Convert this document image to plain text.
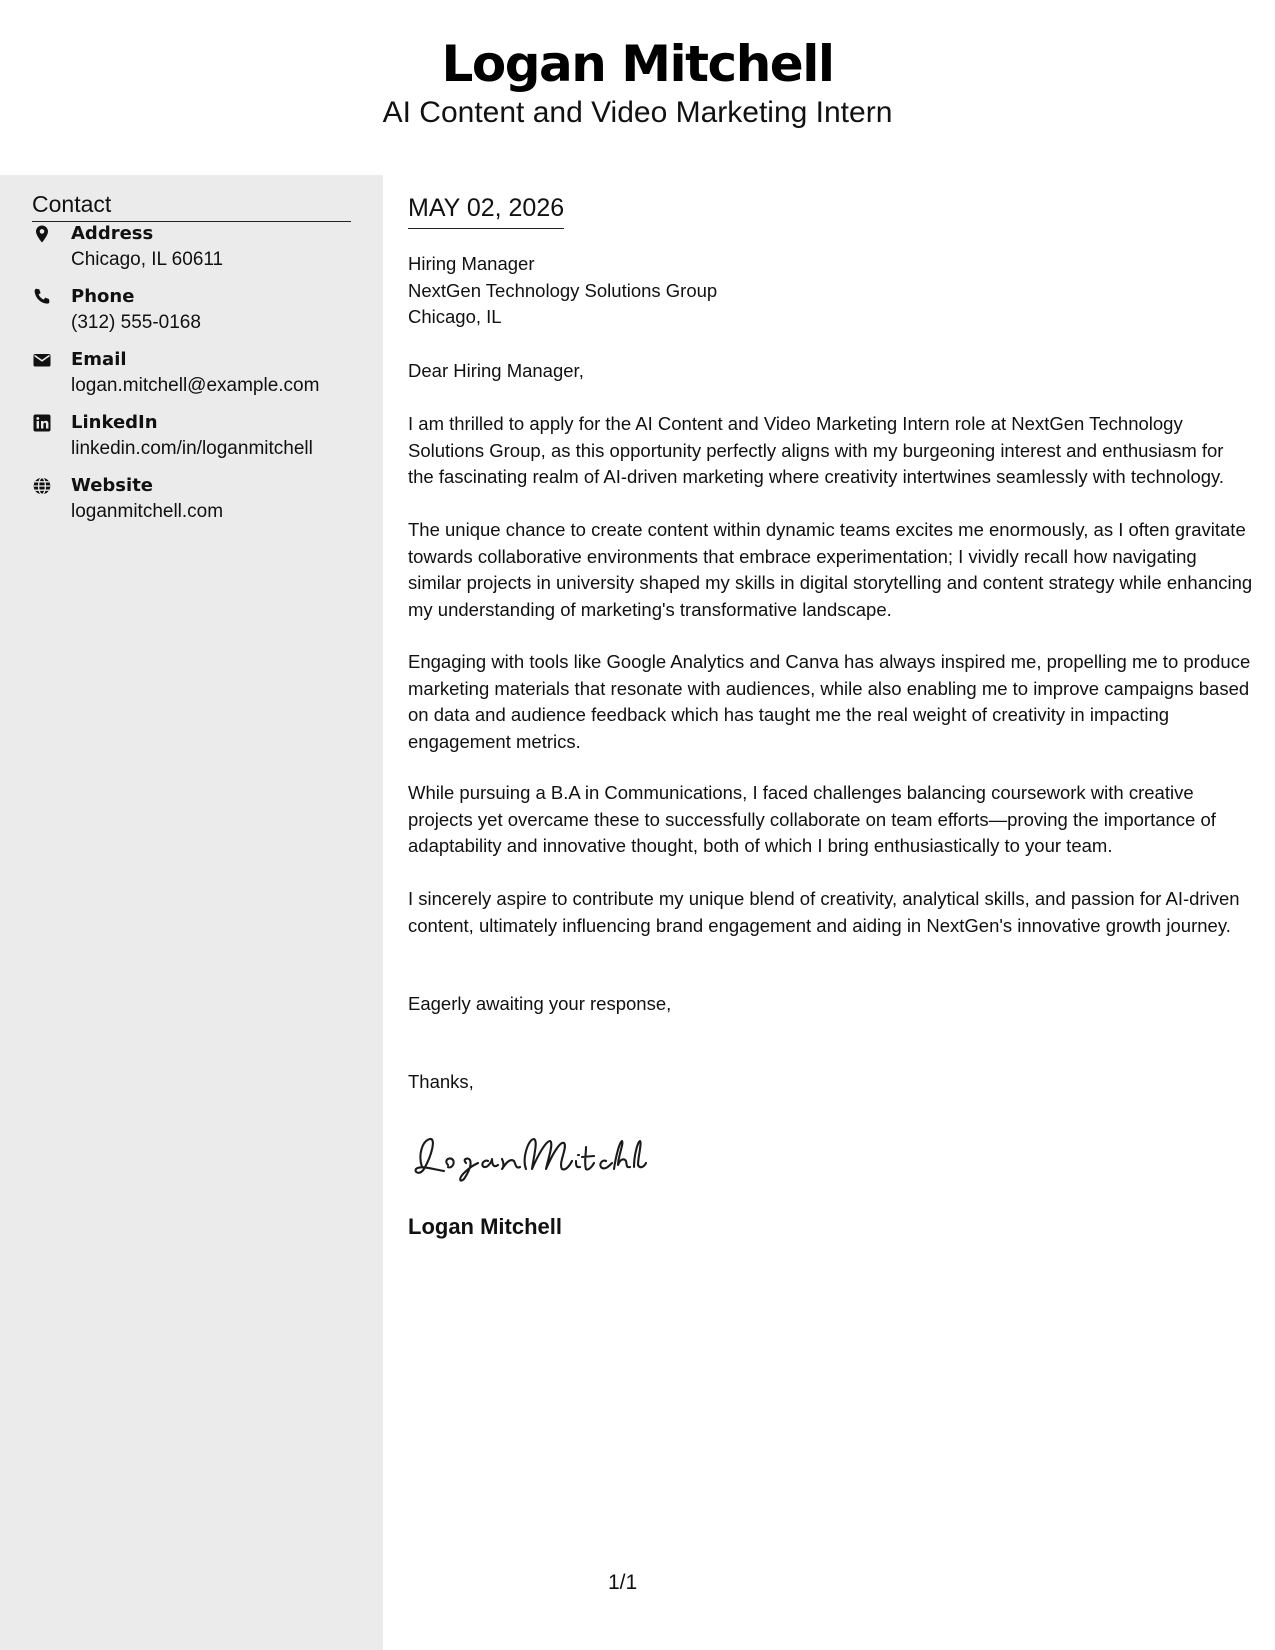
Logan Mitchell
AI Content and Video Marketing Intern
Contact
Address
Chicago, IL 60611
Phone
(312) 555-0168
Email
logan.mitchell@example.com
LinkedIn
linkedin.com/in/loganmitchell
Website
loganmitchell.com
MAY 02, 2026
Hiring Manager
NextGen Technology Solutions Group
Chicago, IL
Dear Hiring Manager,
I am thrilled to apply for the AI Content and Video Marketing Intern role at NextGen Technology Solutions Group, as this opportunity perfectly aligns with my burgeoning interest and enthusiasm for the fascinating realm of AI-driven marketing where creativity intertwines seamlessly with technology.
The unique chance to create content within dynamic teams excites me enormously, as I often gravitate towards collaborative environments that embrace experimentation; I vividly recall how navigating similar projects in university shaped my skills in digital storytelling and content strategy while enhancing my understanding of marketing's transformative landscape.
Engaging with tools like Google Analytics and Canva has always inspired me, propelling me to produce marketing materials that resonate with audiences, while also enabling me to improve campaigns based on data and audience feedback which has taught me the real weight of creativity in impacting engagement metrics.
While pursuing a B.A in Communications, I faced challenges balancing coursework with creative projects yet overcame these to successfully collaborate on team efforts—proving the importance of adaptability and innovative thought, both of which I bring enthusiastically to your team.
I sincerely aspire to contribute my unique blend of creativity, analytical skills, and passion for AI-driven content, ultimately influencing brand engagement and aiding in NextGen's innovative growth journey.
Eagerly awaiting your response,
Thanks,
Logan Mitchell
1/1
